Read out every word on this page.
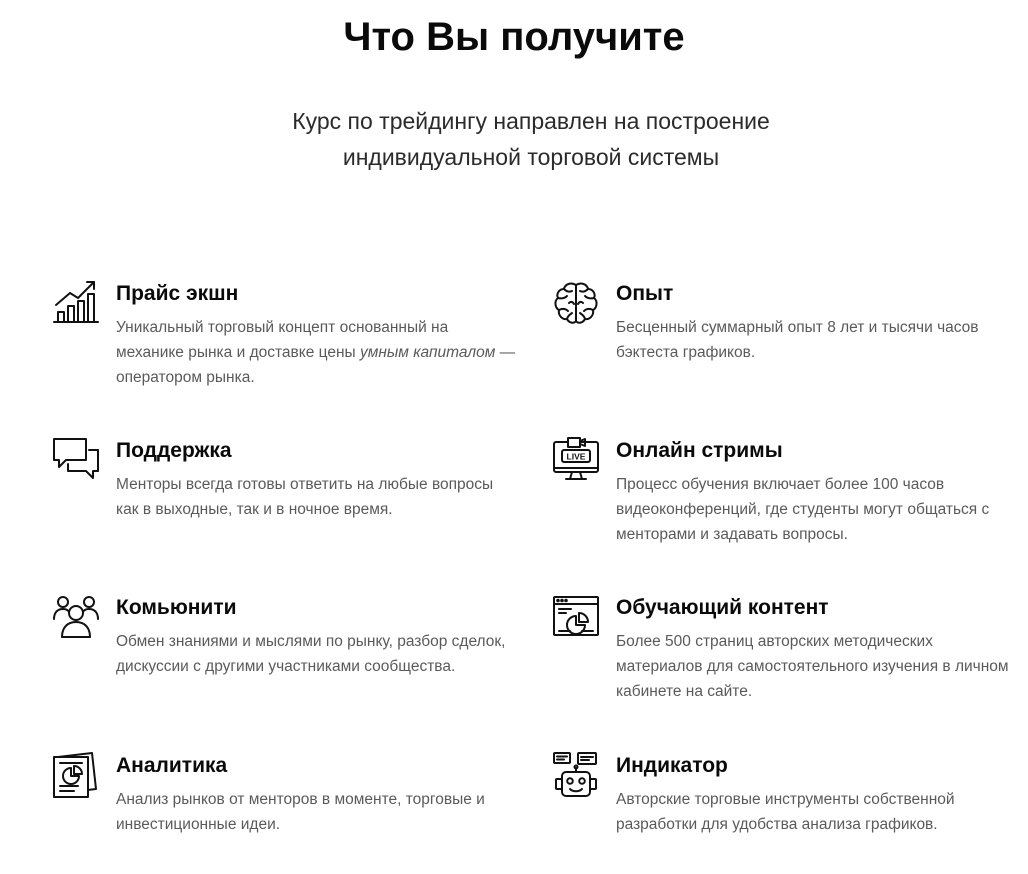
Что Вы получите

Курс по трейдингу направлен на построение индивидуальной торговой системы

Прайс экшн
Уникальный торговый концепт основанный на механике рынка и доставке цены умным капиталом — оператором рынка.
Опыт
Бесценный суммарный опыт 8 лет и тысячи часов бэктеста графиков.
Поддержка
Менторы всегда готовы ответить на любые вопросы как в выходные, так и в ночное время.
LIVE Онлайн стримы
Процесс обучения включает более 100 часов видеоконференций, где студенты могут общаться с менторами и задавать вопросы.
Комьюнити
Обмен знаниями и мыслями по рынку, разбор сделок, дискуссии с другими участниками сообщества.
Обучающий контент
Более 500 страниц авторских методических материалов для самостоятельного изучения в личном кабинете на сайте.
Аналитика
Анализ рынков от менторов в моменте, торговые и инвестиционные идеи.
Индикатор
Авторские торговые инструменты собственной разработки для удобства анализа графиков.
